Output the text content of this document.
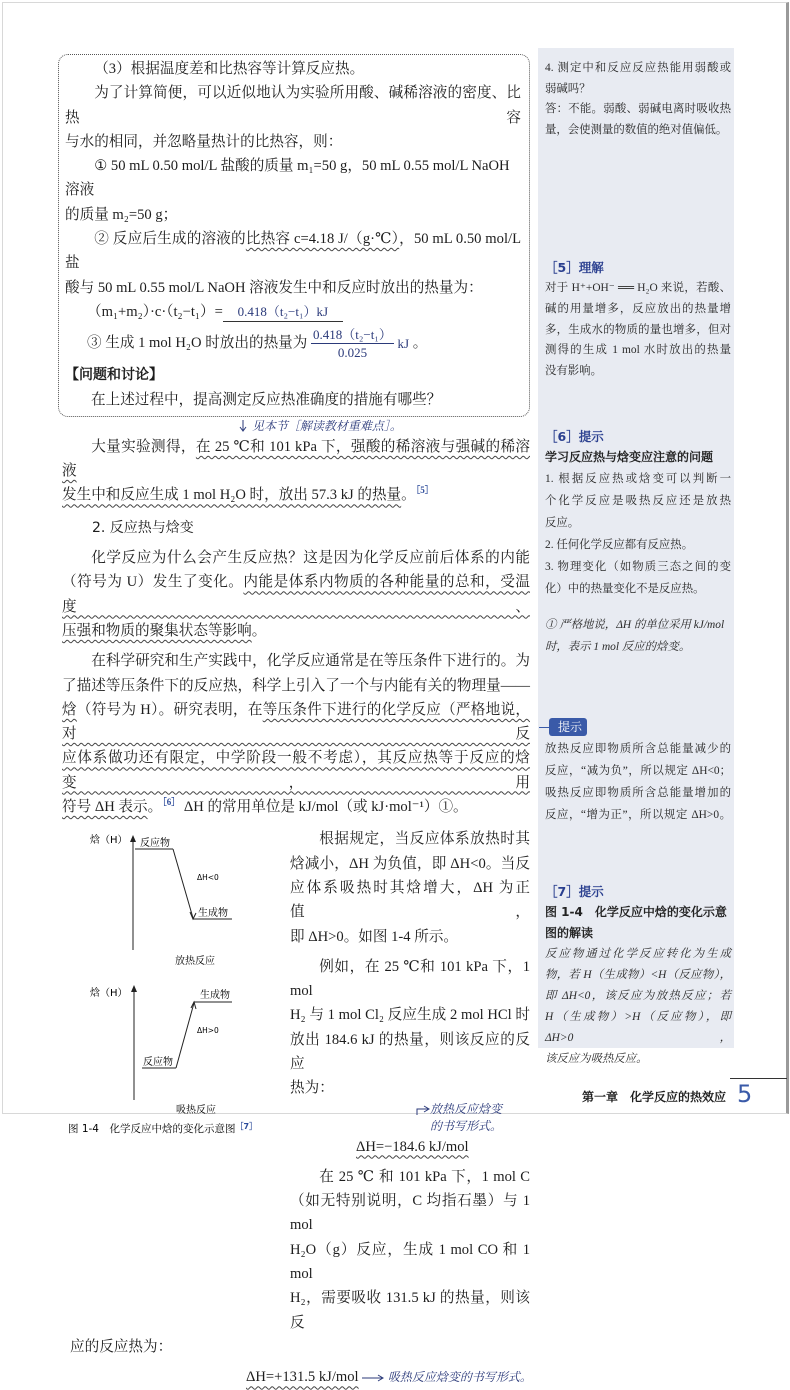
（3）根据温度差和比热容等计算反应热。
为了计算简便，可以近似地认为实验所用酸、碱稀溶液的密度、比热容
与水的相同，并忽略量热计的比热容，则：
① 50 mL 0.50 mol/L 盐酸的质量 m₁=50 g，50 mL 0.55 mol/L NaOH 溶液
的质量 m₂=50 g；
② 反应后生成的溶液的比热容 c=4.18 J/（g·℃），50 mL 0.50 mol/L 盐
酸与 50 mL 0.55 mol/L NaOH 溶液发生中和反应时放出的热量为：
（m₁+m₂）·c·（t₂−t₁）= 0.418（t₂−t₁）kJ
③ 生成 1 mol H₂O 时放出的热量为 $\frac{\text{0.418（t₂−t₁）}}{0.025}$ kJ 。
【问题和讨论】
在上述过程中，提高测定反应热准确度的措施有哪些？
见本节［解读教材重难点］。
大量实验测得，在 25 ℃和 101 kPa 下，强酸的稀溶液与强碱的稀溶液
发生中和反应生成 1 mol H₂O 时，放出 57.3 kJ 的热量。$^{[5]}$
2. 反应热与焓变
化学反应为什么会产生反应热？这是因为化学反应前后体系的内能
（符号为 U）发生了变化。内能是体系内物质的各种能量的总和，受温度、
压强和物质的聚集状态等影响。
在科学研究和生产实践中，化学反应通常是在等压条件下进行的。为
了描述等压条件下的反应热，科学上引入了一个与内能有关的物理量——
焓（符号为 H）。研究表明，在等压条件下进行的化学反应（严格地说，对反
应体系做功还有限定，中学阶段一般不考虑），其反应热等于反应的焓变，用
符号 ΔH 表示。$^{[6]}$ ΔH 的常用单位是 kJ/mol（或 kJ·mol⁻¹）①。
焓（H） 反应物
生成物
ΔH<0
放热反应
焓（H）
反应物
生成物
ΔH>0
吸热反应
图 1-4　化学反应中焓的变化示意图$^{[7]}$
根据规定，当反应体系放热时其
焓减小，ΔH 为负值，即 ΔH<0。当反
应体系吸热时其焓增大，ΔH 为正值，
即 ΔH>0。如图 1-4 所示。
例如，在 25 ℃和 101 kPa 下，1 mol
H₂ 与 1 mol Cl₂ 反应生成 2 mol HCl 时
放出 184.6 kJ 的热量，则该反应的反应
热为：
放热反应焓变
的书写形式。
ΔH=−184.6 kJ/mol
在 25 ℃ 和 101 kPa 下，1 mol C
（如无特别说明，C 均指石墨）与 1 mol
H₂O（g）反应，生成 1 mol CO 和 1 mol
H₂，需要吸收 131.5 kJ 的热量，则该反
应的反应热为：
ΔH=+131.5 kJ/mol 吸热反应焓变的书写形式。
4. 测定中和反应反应热能用弱酸或
弱碱吗？
答：不能。弱酸、弱碱电离时吸收热
量，会使测量的数值的绝对值偏低。
［5］理解
对于 H⁺+OH⁻ ══ H₂O 来说，若酸、
碱的用量增多，反应放出的热量增
多，生成水的物质的量也增多，但对
测得的生成 1 mol 水时放出的热量
没有影响。
［6］提示
学习反应热与焓变应注意的问题
1. 根据反应热或焓变可以判断一
个化学反应是吸热反应还是放热
反应。
2. 任何化学反应都有反应热。
3. 物理变化（如物质三态之间的变
化）中的热量变化不是反应热。
① 严格地说，ΔH 的单位采用 kJ/mol
时，表示 1 mol 反应的焓变。
提示
放热反应即物质所含总能量减少的
反应，“减为负”，所以规定 ΔH<0；
吸热反应即物质所含总能量增加的
反应，“增为正”，所以规定 ΔH>0。
［7］提示
图 1-4　化学反应中焓的变化示意
图的解读
反应物通过化学反应转化为生成
物，若 H（生成物）<H（反应物），
即 ΔH<0，该反应为放热反应；若
H（生成物）>H（反应物），即 ΔH>0，
该反应为吸热反应。
第一章　化学反应的热效应 5
